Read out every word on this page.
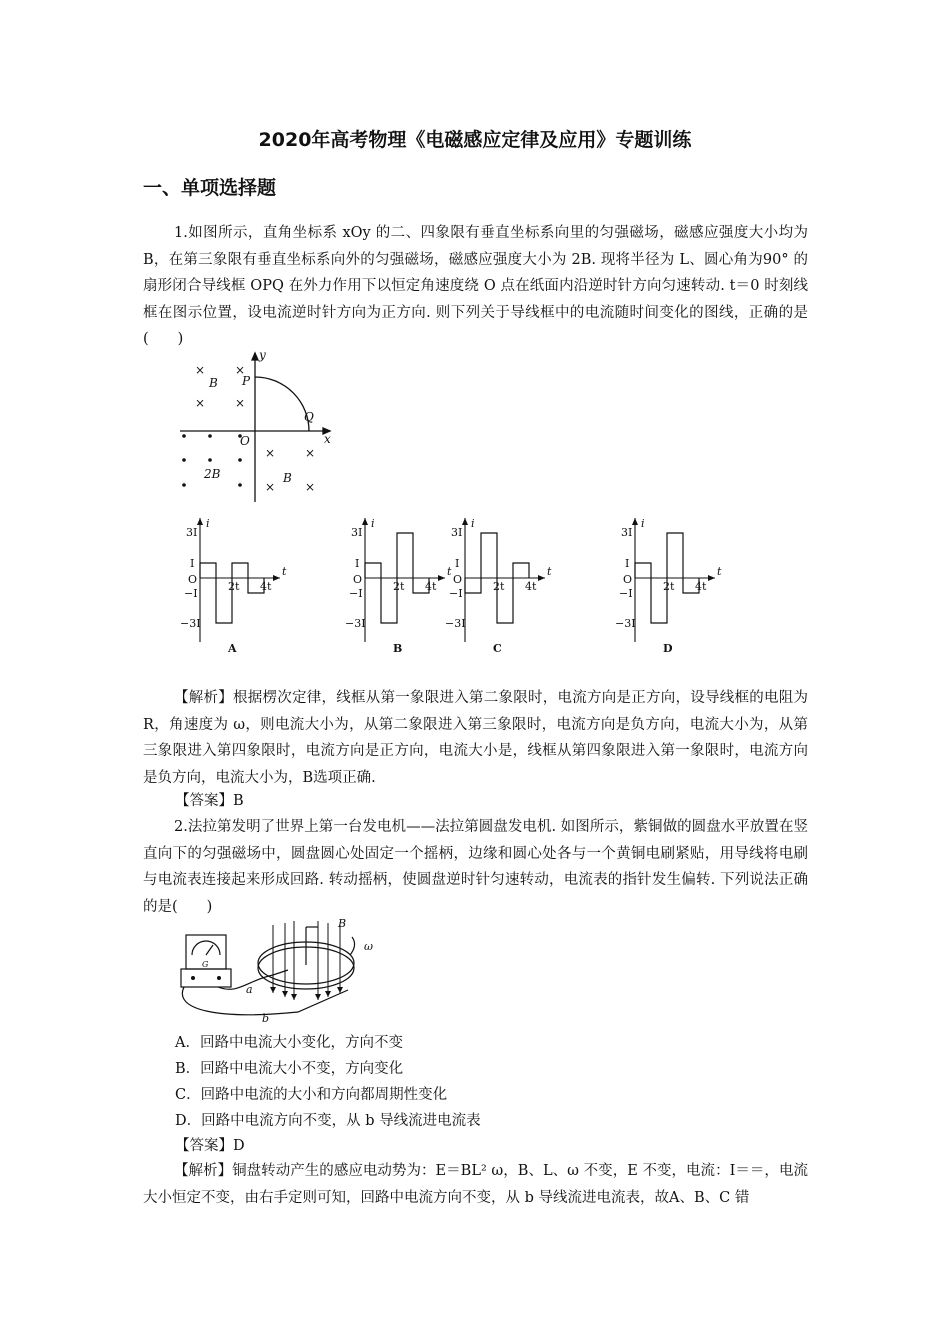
2020年高考物理《电磁感应定律及应用》专题训练
一、单项选择题
1.如图所示，直角坐标系 xOy 的二、四象限有垂直坐标系向里的匀强磁场，磁感应强度大小均为 B，在第三象限有垂直坐标系向外的匀强磁场，磁感应强度大小为 2B. 现将半径为 L、圆心角为90° 的扇形闭合导线框 OPQ 在外力作用下以恒定角速度绕 O 点在纸面内沿逆时针方向匀速转动. t＝0 时刻线框在图示位置，设电流逆时针方向为正方向. 则下列关于导线框中的电流随时间变化的图线，正确的是(　　)
× ×
× ×
× ×
× ×
y
x
O
P
Q
B
2B	B
i
t
O
3I
I
−I
−3I
2t 4t
A
i
t
O
3I
I
−I
−3I
2t 4t
B
i
t
O
3I
I
−I
−3I
2t 4t
C
i
t
O
3I
I
−I
−3I
2t 4t
D
【解析】根据楞次定律，线框从第一象限进入第二象限时，电流方向是正方向，设导线框的电阻为 R，角速度为 ω，则电流大小为，从第二象限进入第三象限时，电流方向是负方向，电流大小为，从第三象限进入第四象限时，电流方向是正方向，电流大小是，线框从第四象限进入第一象限时，电流方向是负方向，电流大小为，B选项正确.
【答案】B
2.法拉第发明了世界上第一台发电机——法拉第圆盘发电机. 如图所示，紫铜做的圆盘水平放置在竖直向下的匀强磁场中，圆盘圆心处固定一个摇柄，边缘和圆心处各与一个黄铜电刷紧贴，用导线将电刷与电流表连接起来形成回路. 转动摇柄，使圆盘逆时针匀速转动，电流表的指针发生偏转. 下列说法正确的是(　　)
B
ω
a
b
G
A．回路中电流大小变化，方向不变
B．回路中电流大小不变，方向变化
C．回路中电流的大小和方向都周期性变化
D．回路中电流方向不变，从 b 导线流进电流表
【答案】D
【解析】铜盘转动产生的感应电动势为：E＝BL² ω，B、L、ω 不变，E 不变，电流：I＝＝，电流大小恒定不变，由右手定则可知，回路中电流方向不变，从 b 导线流进电流表，故A、B、C 错
